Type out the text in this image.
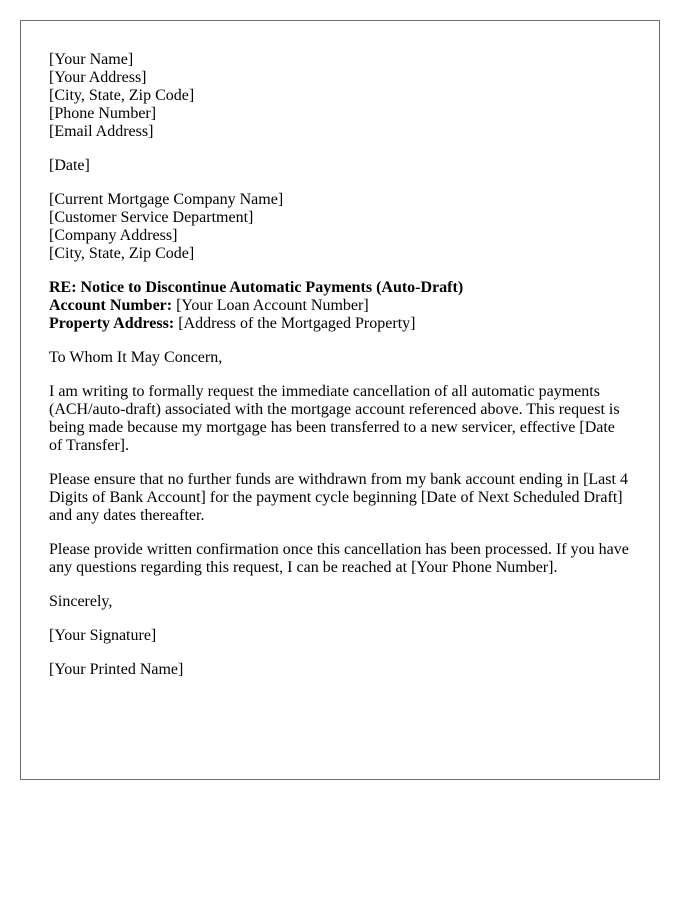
[Your Name]
[Your Address]
[City, State, Zip Code]
[Phone Number]
[Email Address]
[Date]
[Current Mortgage Company Name]
[Customer Service Department]
[Company Address]
[City, State, Zip Code]
RE: Notice to Discontinue Automatic Payments (Auto-Draft)
Account Number: [Your Loan Account Number]
Property Address: [Address of the Mortgaged Property]

To Whom It May Concern,

I am writing to formally request the immediate cancellation of all automatic payments (ACH/auto-draft) associated with the mortgage account referenced above. This request is being made because my mortgage has been transferred to a new servicer, effective [Date of Transfer].

Please ensure that no further funds are withdrawn from my bank account ending in [Last 4 Digits of Bank Account] for the payment cycle beginning [Date of Next Scheduled Draft] and any dates thereafter.

Please provide written confirmation once this cancellation has been processed. If you have any questions regarding this request, I can be reached at [Your Phone Number].

Sincerely,

[Your Signature]

[Your Printed Name]
